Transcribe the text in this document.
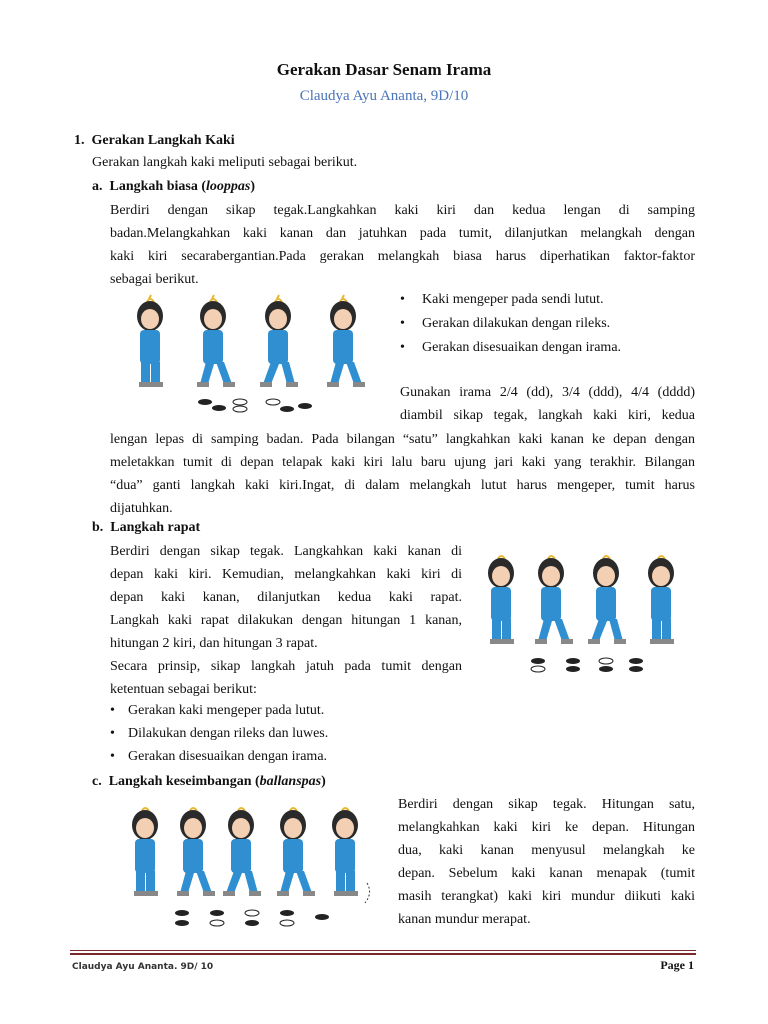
Gerakan Dasar Senam Irama
Claudya Ayu Ananta, 9D/10
1.  Gerakan Langkah Kaki
Gerakan langkah kaki meliputi sebagai berikut.
a. Langkah biasa (looppas)
Berdiri dengan sikap tegak.Langkahkan kaki kiri dan kedua lengan di samping
badan.Melangkahkan kaki kanan dan jatuhkan pada tumit, dilanjutkan melangkah dengan
kaki kiri secarabergantian.Pada gerakan melangkah biasa harus diperhatikan faktor-faktor
sebagai berikut.
• Kaki mengeper pada sendi lutut.
• Gerakan dilakukan dengan rileks.
• Gerakan disesuaikan dengan irama.
Gunakan irama 2/4 (dd), 3/4 (ddd), 4/4 (dddd)
diambil sikap tegak, langkah kaki kiri, kedua
lengan lepas di samping badan. Pada bilangan “satu” langkahkan kaki kanan ke depan dengan
meletakkan tumit di depan telapak kaki kiri lalu baru ujung jari kaki yang terakhir. Bilangan
“dua” ganti langkah kaki kiri.Ingat, di dalam melangkah lutut harus mengeper, tumit harus
dijatuhkan.
b. Langkah rapat
Berdiri dengan sikap tegak. Langkahkan kaki kanan di
depan kaki kiri. Kemudian, melangkahkan kaki kiri di
depan kaki kanan, dilanjutkan kedua kaki rapat.
Langkah kaki rapat dilakukan dengan hitungan 1 kanan,
hitungan 2 kiri, dan hitungan 3 rapat.
Secara prinsip, sikap langkah jatuh pada tumit dengan
ketentuan sebagai berikut:
• Gerakan kaki mengeper pada lutut.
• Dilakukan dengan rileks dan luwes.
• Gerakan disesuaikan dengan irama.
c. Langkah keseimbangan (ballanspas)
Berdiri dengan sikap tegak. Hitungan satu,
melangkahkan kaki kiri ke depan. Hitungan
dua, kaki kanan menyusul melangkah ke
depan. Sebelum kaki kanan menapak (tumit
masih terangkat) kaki kiri mundur diikuti kaki
kanan mundur merapat.
Claudya Ayu Ananta. 9D/ 10	Page 1
